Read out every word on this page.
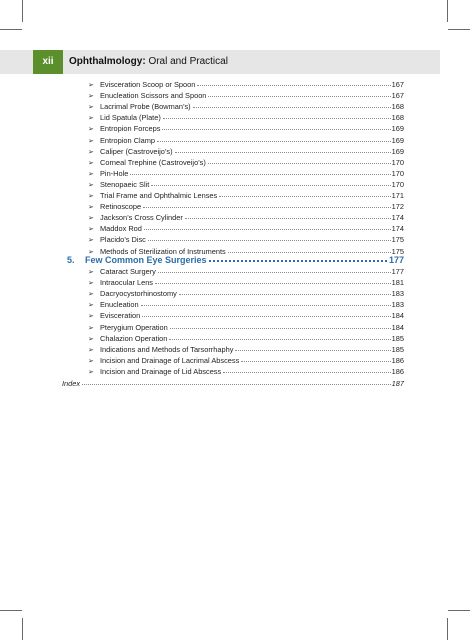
xii	Ophthalmology: Oral and Practical
➢ Evisceration Scoop or Spoon	167
➢ Enucleation Scissors and Spoon	167
➢ Lacrimal Probe (Bowman’s)	168
➢ Lid Spatula (Plate)	168
➢ Entropion Forceps	169
➢ Entropion Clamp	169
➢ Caliper (Castroveijo’s)	169
➢ Corneal Trephine (Castroveijo’s)	170
➢ Pin-Hole	170
➢ Stenopaeic Slit	170
➢ Trial Frame and Ophthalmic Lenses	171
➢ Retinoscope	172
➢ Jackson’s Cross Cylinder	174
➢ Maddox Rod	174
➢ Placido’s Disc	175
➢ Methods of Sterilization of Instruments	175
5.	Few Common Eye Surgeries	177
➢ Cataract Surgery	177
➢ Intraocular Lens	181
➢ Dacryocystorhinostomy	183
➢ Enucleation	183
➢ Evisceration	184
➢ Pterygium Operation	184
➢ Chalazion Operation	185
➢ Indications and Methods of Tarsorrhaphy	185
➢ Incision and Drainage of Lacrimal Abscess	186
➢ Incision and Drainage of Lid Abscess	186
Index	187
